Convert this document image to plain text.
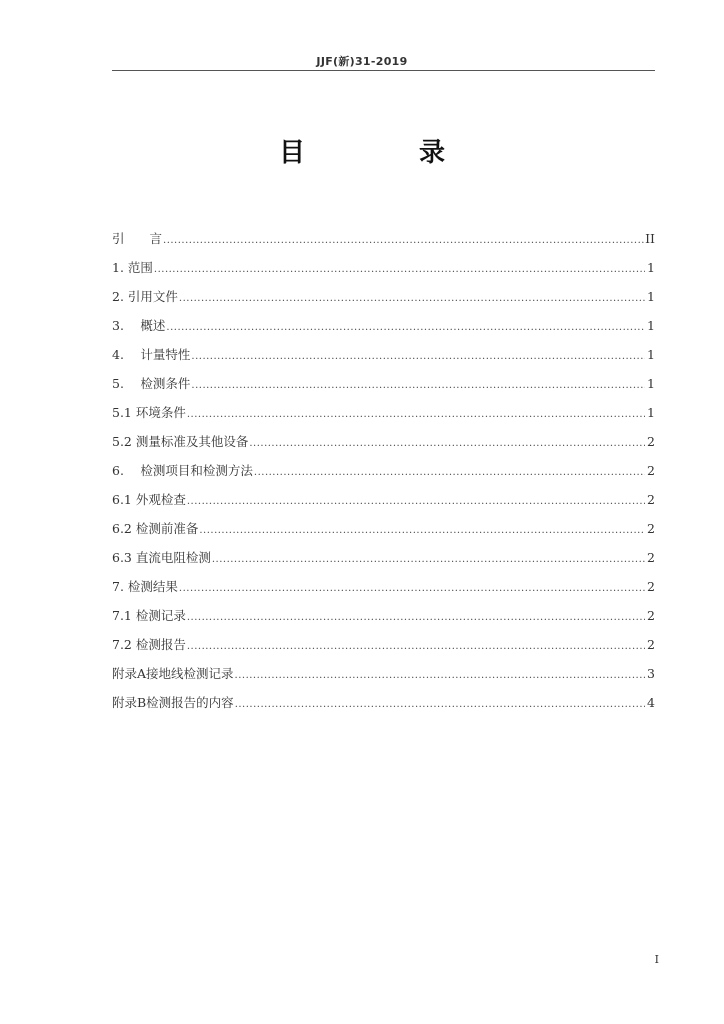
JJF(新)31-2019
目　录
引　　言 .....	II
1. 范围 .....	1
2. 引用文件 .....	1
3.　 概述 .....	1
4.　 计量特性 .....	1
5.　 检测条件 .....	1
5.1 环境条件 .....	1
5.2 测量标准及其他设备 .....	2
6.　 检测项目和检测方法 .....	2
6.1 外观检查 .....	2
6.2 检测前准备 .....	2
6.3 直流电阻检测 .....	2
7. 检测结果 .....	2
7.1 检测记录 .....	2
7.2 检测报告 .....	2
附录A接地线检测记录 .....	3
附录B检测报告的内容 .....	4
I
